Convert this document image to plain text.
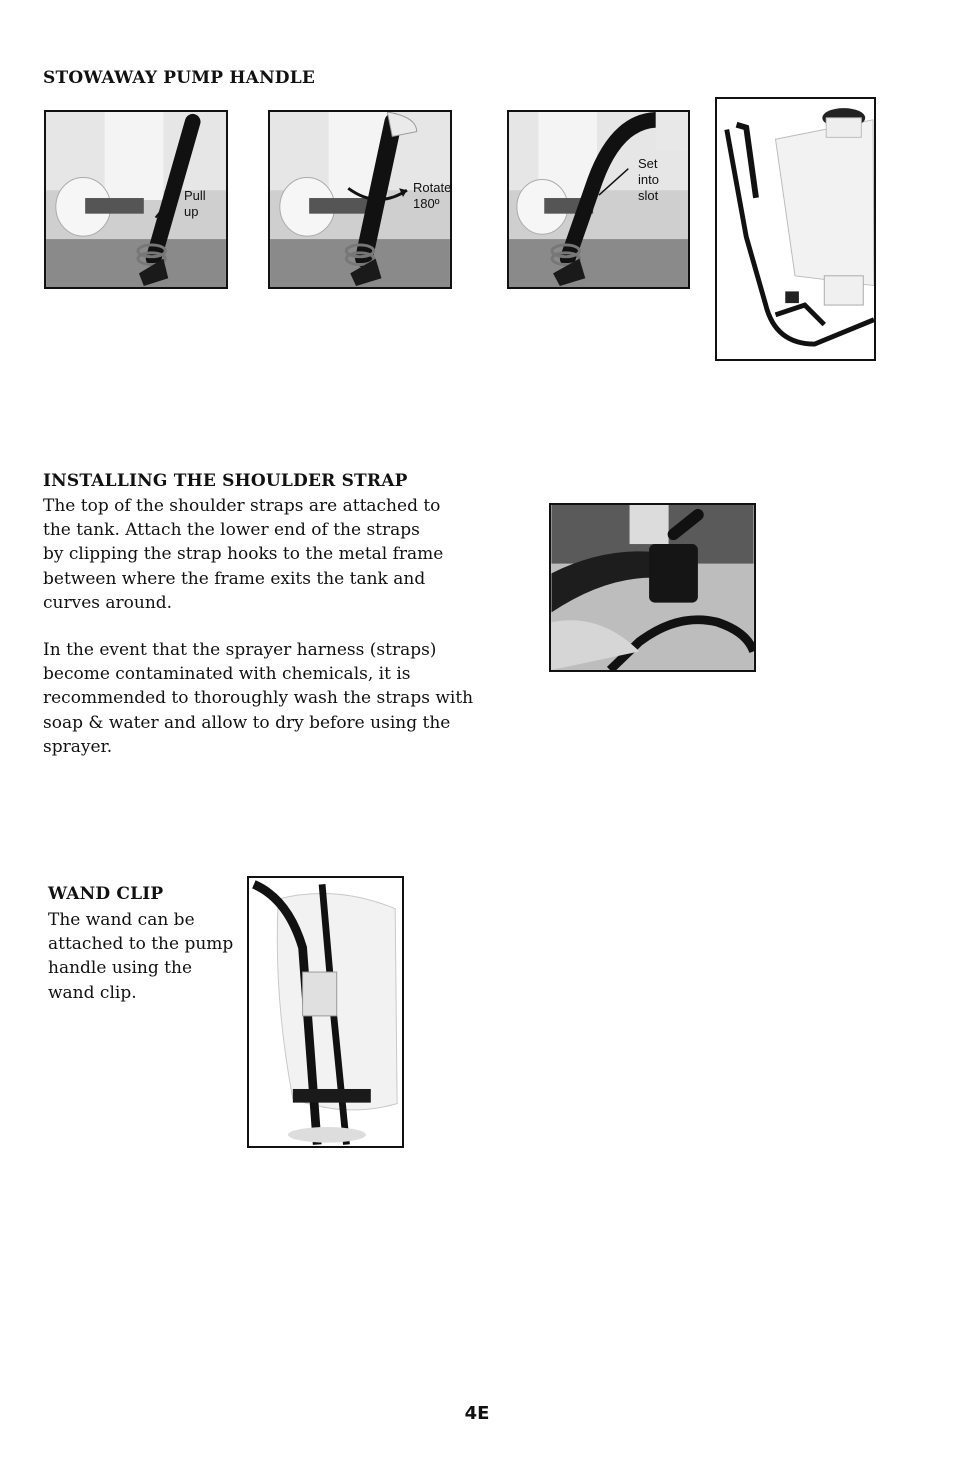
STOWAWAY PUMP HANDLE
Pull
up
Rotate
180º
Set
into
slot
INSTALLING THE SHOULDER STRAP

The top of the shoulder straps are attached to
the tank. Attach the lower end of the straps
by clipping the strap hooks to the metal frame
between where the frame exits the tank and
curves around.

In the event that the sprayer harness (straps)
become contaminated with chemicals, it is
recommended to thoroughly wash the straps with
soap & water and allow to dry before using the
sprayer.

WAND CLIP

The wand can be
attached to the pump
handle using the
wand clip.

4E
